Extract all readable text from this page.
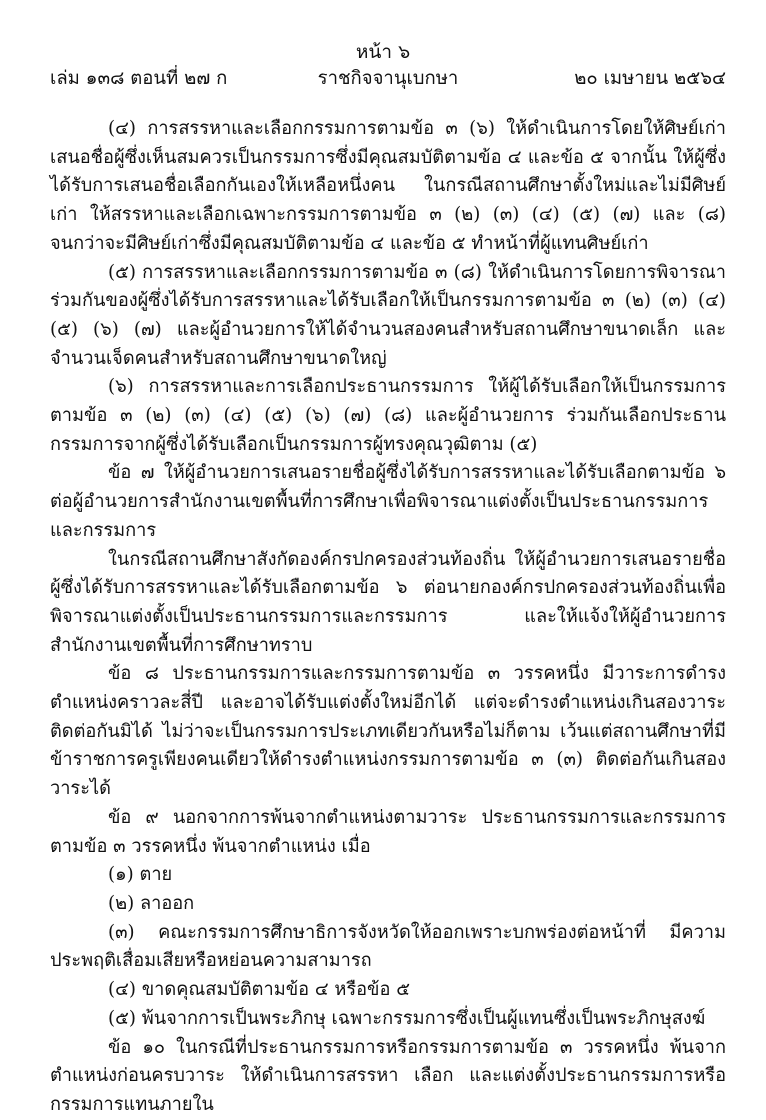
หน้า ๖
เล่ม ๑๓๘ ตอนที่ ๒๗ ก	ราชกิจจานุเบกษา	๒๐ เมษายน ๒๕๖๔

(๔) การสรรหาและเลือกกรรมการตามข้อ ๓ (๖) ให้ดำเนินการโดยให้ศิษย์เก่าเสนอชื่อผู้ซึ่งเห็นสมควรเป็นกรรมการซึ่งมีคุณสมบัติตามข้อ ๔ และข้อ ๕ จากนั้น ให้ผู้ซึ่งได้รับการเสนอชื่อเลือกกันเองให้เหลือหนึ่งคน ในกรณีสถานศึกษาตั้งใหม่และไม่มีศิษย์เก่า ให้สรรหาและเลือกเฉพาะกรรมการตามข้อ ๓ (๒) (๓) (๔) (๕) (๗) และ (๘) จนกว่าจะมีศิษย์เก่าซึ่งมีคุณสมบัติตามข้อ ๔ และข้อ ๕ ทำหน้าที่ผู้แทนศิษย์เก่า

(๕) การสรรหาและเลือกกรรมการตามข้อ ๓ (๘) ให้ดำเนินการโดยการพิจารณาร่วมกันของผู้ซึ่งได้รับการสรรหาและได้รับเลือกให้เป็นกรรมการตามข้อ ๓ (๒) (๓) (๔) (๕) (๖) (๗) และผู้อำนวยการให้ได้จำนวนสองคนสำหรับสถานศึกษาขนาดเล็ก และจำนวนเจ็ดคนสำหรับสถานศึกษาขนาดใหญ่

(๖) การสรรหาและการเลือกประธานกรรมการ ให้ผู้ได้รับเลือกให้เป็นกรรมการตามข้อ ๓ (๒) (๓) (๔) (๕) (๖) (๗) (๘) และผู้อำนวยการ ร่วมกันเลือกประธานกรรมการจากผู้ซึ่งได้รับเลือกเป็นกรรมการผู้ทรงคุณวุฒิตาม (๕)

ข้อ ๗ ให้ผู้อำนวยการเสนอรายชื่อผู้ซึ่งได้รับการสรรหาและได้รับเลือกตามข้อ ๖ ต่อผู้อำนวยการสำนักงานเขตพื้นที่การศึกษาเพื่อพิจารณาแต่งตั้งเป็นประธานกรรมการและกรรมการ

ในกรณีสถานศึกษาสังกัดองค์กรปกครองส่วนท้องถิ่น ให้ผู้อำนวยการเสนอรายชื่อผู้ซึ่งได้รับการสรรหาและได้รับเลือกตามข้อ ๖ ต่อนายกองค์กรปกครองส่วนท้องถิ่นเพื่อพิจารณาแต่งตั้งเป็นประธานกรรมการและกรรมการ และให้แจ้งให้ผู้อำนวยการสำนักงานเขตพื้นที่การศึกษาทราบ

ข้อ ๘ ประธานกรรมการและกรรมการตามข้อ ๓ วรรคหนึ่ง มีวาระการดำรงตำแหน่งคราวละสี่ปี และอาจได้รับแต่งตั้งใหม่อีกได้ แต่จะดำรงตำแหน่งเกินสองวาระติดต่อกันมิได้ ไม่ว่าจะเป็นกรรมการประเภทเดียวกันหรือไม่ก็ตาม เว้นแต่สถานศึกษาที่มีข้าราชการครูเพียงคนเดียวให้ดำรงตำแหน่งกรรมการตามข้อ ๓ (๓) ติดต่อกันเกินสองวาระได้

ข้อ ๙ นอกจากการพ้นจากตำแหน่งตามวาระ ประธานกรรมการและกรรมการตามข้อ ๓ วรรคหนึ่ง พ้นจากตำแหน่ง เมื่อ

(๑) ตาย

(๒) ลาออก

(๓) คณะกรรมการศึกษาธิการจังหวัดให้ออกเพราะบกพร่องต่อหน้าที่ มีความประพฤติเสื่อมเสียหรือหย่อนความสามารถ

(๔) ขาดคุณสมบัติตามข้อ ๔ หรือข้อ ๕

(๕) พ้นจากการเป็นพระภิกษุ เฉพาะกรรมการซึ่งเป็นผู้แทนซึ่งเป็นพระภิกษุสงฆ์

ข้อ ๑๐ ในกรณีที่ประธานกรรมการหรือกรรมการตามข้อ ๓ วรรคหนึ่ง พ้นจากตำแหน่งก่อนครบวาระ ให้ดำเนินการสรรหา เลือก และแต่งตั้งประธานกรรมการหรือกรรมการแทนภายใน
